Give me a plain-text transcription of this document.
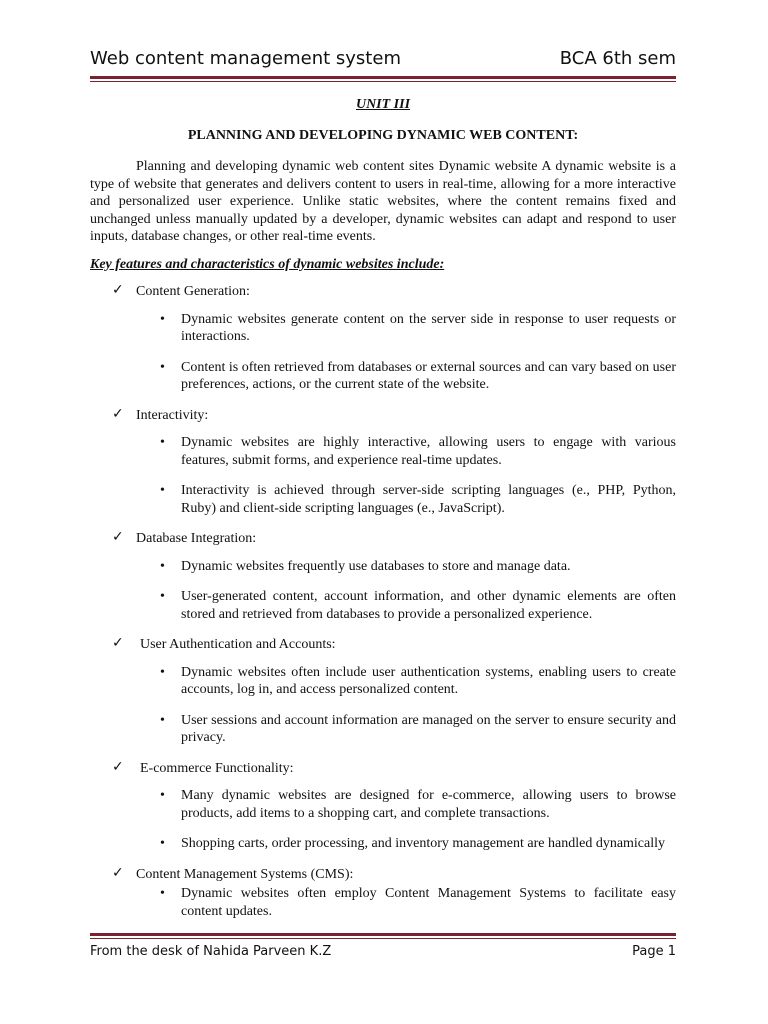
Web content management system	BCA 6th sem
UNIT III
PLANNING AND DEVELOPING DYNAMIC WEB CONTENT:

Planning and developing dynamic web content sites Dynamic website A dynamic website is a type of website that generates and delivers content to users in real-time, allowing for a more interactive and personalized user experience. Unlike static websites, where the content remains fixed and unchanged unless manually updated by a developer, dynamic websites can adapt and respond to user inputs, database changes, or other real-time events.

Key features and characteristics of dynamic websites include:
✓ Content Generation:
• Dynamic websites generate content on the server side in response to user requests or interactions.
• Content is often retrieved from databases or external sources and can vary based on user preferences, actions, or the current state of the website.
✓ Interactivity:
• Dynamic websites are highly interactive, allowing users to engage with various features, submit forms, and experience real-time updates.
• Interactivity is achieved through server-side scripting languages (e., PHP, Python, Ruby) and client-side scripting languages (e., JavaScript).
✓ Database Integration:
• Dynamic websites frequently use databases to store and manage data.
• User-generated content, account information, and other dynamic elements are often stored and retrieved from databases to provide a personalized experience.
✓ User Authentication and Accounts:
• Dynamic websites often include user authentication systems, enabling users to create accounts, log in, and access personalized content.
• User sessions and account information are managed on the server to ensure security and privacy.
✓ E-commerce Functionality:
• Many dynamic websites are designed for e-commerce, allowing users to browse products, add items to a shopping cart, and complete transactions.
• Shopping carts, order processing, and inventory management are handled dynamically
✓ Content Management Systems (CMS):
• Dynamic websites often employ Content Management Systems to facilitate easy content updates.
From the desk of Nahida Parveen K.Z	Page 1
